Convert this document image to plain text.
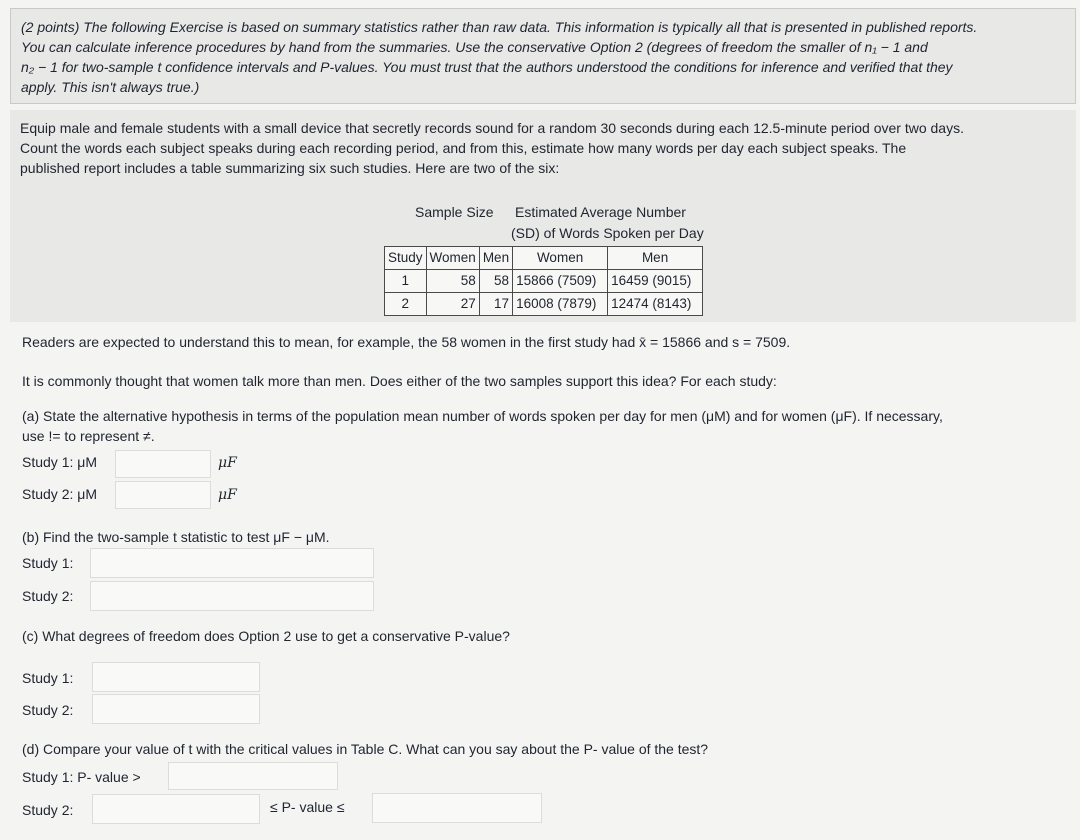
(2 points) The following Exercise is based on summary statistics rather than raw data. This information is typically all that is presented in published reports.
You can calculate inference procedures by hand from the summaries. Use the conservative Option 2 (degrees of freedom the smaller of n₁ − 1 and
n₂ − 1 for two-sample t confidence intervals and P-values. You must trust that the authors understood the conditions for inference and verified that they
apply. This isn't always true.)
Equip male and female students with a small device that secretly records sound for a random 30 seconds during each 12.5-minute period over two days.
Count the words each subject speaks during each recording period, and from this, estimate how many words per day each subject speaks. The
published report includes a table summarizing six such studies. Here are two of the six:
Sample Size Estimated Average Number
(SD) of Words Spoken per Day
Study	Women	Men	Women	Men
1	58	58	15866 (7509)	16459 (9015)
2	27	17	16008 (7879)	12474 (8143)
Readers are expected to understand this to mean, for example, the 58 women in the first study had x̄ = 15866 and s = 7509.
It is commonly thought that women talk more than men. Does either of the two samples support this idea? For each study:
(a) State the alternative hypothesis in terms of the population mean number of words spoken per day for men (μM) and for women (μF). If necessary,
use != to represent ≠.
Study 1: μM	μF
Study 2: μM	μF
(b) Find the two-sample t statistic to test μF − μM.
Study 1:
Study 2:
(c) What degrees of freedom does Option 2 use to get a conservative P-value?
Study 1:
Study 2:
(d) Compare your value of t with the critical values in Table C. What can you say about the P- value of the test?
Study 1: P- value >
Study 2:	≤ P- value ≤
